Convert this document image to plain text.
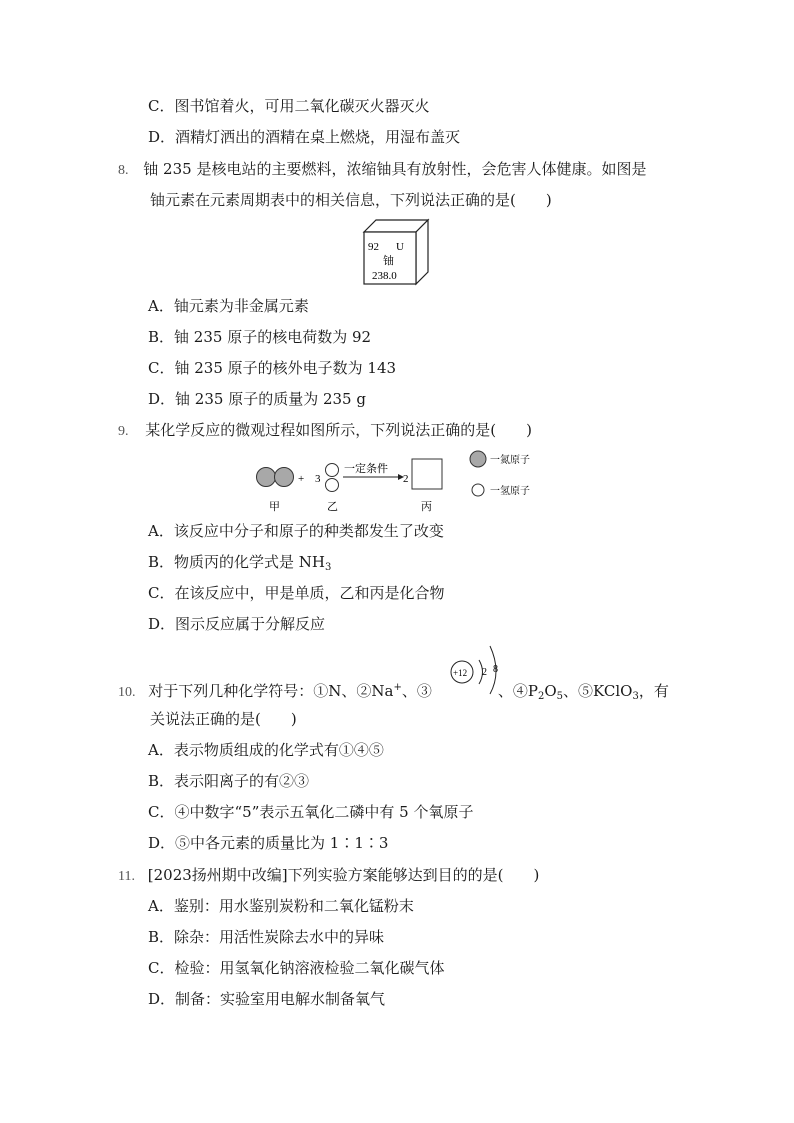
C．图书馆着火，可用二氧化碳灭火器灭火
D．酒精灯洒出的酒精在桌上燃烧，用湿布盖灭
8. 铀 235 是核电站的主要燃料，浓缩铀具有放射性，会危害人体健康。如图是
铀元素在元素周期表中的相关信息，下列说法正确的是(　　)
92 U
铀
238.0
A．铀元素为非金属元素
B．铀 235 原子的核电荷数为 92
C．铀 235 原子的核外电子数为 143
D．铀 235 原子的质量为 235 g
9. 某化学反应的微观过程如图所示，下列说法正确的是(　　)
+ 3
一定条件
2
甲	乙	丙
一氮原子
一氢原子
A．该反应中分子和原子的种类都发生了改变
B．物质丙的化学式是 $NH_3$
C．在该反应中，甲是单质，乙和丙是化合物
D．图示反应属于分解反应
10. 对于下列几种化学符号：①N、②Na+、③	、$④P_2O_5$、⑤KClO$_3$，有
+12 2 8
关说法正确的是(　　)
A．表示物质组成的化学式有①④⑤
B．表示阳离子的有②③
C．④中数字“5”表示五氧化二磷中有 5 个氧原子
D．⑤中各元素的质量比为 1∶1∶3
11. [2023扬州期中改编]下列实验方案能够达到目的的是(　　)
A．鉴别：用水鉴别炭粉和二氧化锰粉末
B．除杂：用活性炭除去水中的异味
C．检验：用氢氧化钠溶液检验二氧化碳气体
D．制备：实验室用电解水制备氧气
